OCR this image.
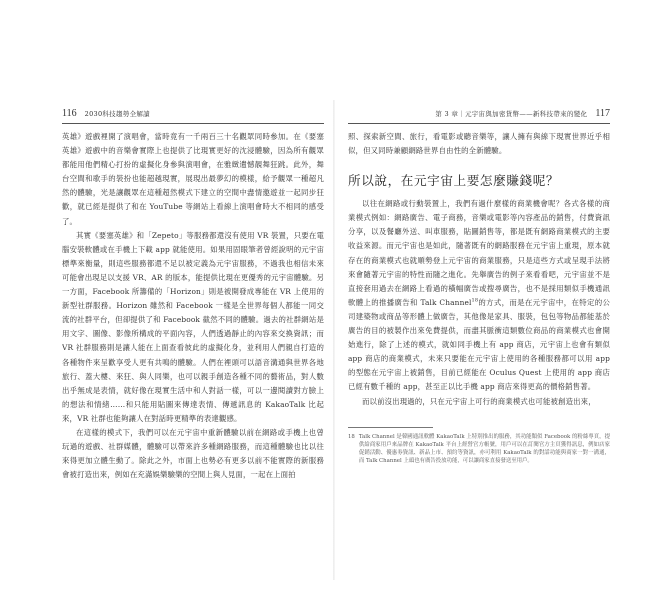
116 2030科技趨勢全解讀

英雄》遊戲裡開了演唱會，當時竟有一千兩百三十名觀眾同時參加。在《要塞英雄》遊戲中的音樂會實際上也提供了比現實更好的沈浸體驗，因為所有觀眾都能用他們精心打扮的虛擬化身參與演唱會，在雅緻遺憾靚舞狂跳。此外，舞台空間和歌手的裝扮也能超越現實，展現出最夢幻的模樣，給予觀眾一種超凡然的體驗，光是讓觀眾在這種超然模式下建立的空間中盡情邀遊並一起同步狂歡，就已經是提供了和在 YouTube 等網站上看線上演唱會時大不相同的感受了。

其實《要塞英雄》和「Zepeto」等服務都還沒有使用 VR 裝置，只要在電腦安裝軟體或在手機上下載 app 就能使用。如果用固眼筆者曾經說明的元宇宙標準來衡量，則這些服務都還不足以被定義為元宇宙服務，不過我也相信未來可能會出現足以支援 VR、AR 的版本，能提供比現在更優秀的元宇宙體驗。另一方面，Facebook 所籌備的「Horizon」則是被開發成專能在 VR 上使用的新型社群服務。Horizon 雖然和 Facebook 一樣是全世界每個人都能一同交流的社群平台，但卻提供了和 Facebook 截然不同的體驗。過去的社群網站是用文字、圖像、影像所構成的平面內容，人們透過靜止的內容來交換資訊；而 VR 社群服務則是讓人能在上面查看彼此的虛擬化身，並利用人們親自打造的各種物件來呈歡享受人更有共鳴的體驗。人們在裡頭可以語音溝通與世界各地旅行、蓋大樓、來狂、與人同樂，也可以親手創造各種不同的藝術品，對人數出乎無成是表情，就好像在現實生活中和人對話一樣，可以一邊閱讀對方臉上的想法和情緒……和只能用貼圖來傳達表情、傳遞訊息的 KakaoTalk 比起來，VR 社群也能夠讓人在對話時更精準的表達觀感。

在這樣的模式下，我們可以在元宇宙中重新體驗以前在網路或手機上也曾玩過的遊戲、社群媒體，體驗可以帶來許多種網路服務，而這種體驗也比以往來得更加立體生動了。除此之外，市面上也勢必有更多以前不能實際的新服務會被打造出來，例如在充滿娛樂驗樂的空間上與人見面，一起在上面拍

第 3 章｜元宇宙與加密貨幣——新科技帶來的變化 117

照、探索新空間、旅行，看電影或聽音樂等，讓人擁有與線下現實世界近乎相似，但又同時兼顧網路世界自由性的全新體驗。

所以說，在元宇宙上要怎麼賺錢呢？

以往在網路或行動裝置上，我們有過什麼樣的商業機會呢？各式各樣的商業模式例如：網路廣告、電子商務，音樂或電影等內容產品的銷售，付費資訊分享，以及餐廳外送、叫車服務，貼圖銷售等，都是既有網路商業模式的主要收益來源。而元宇宙也是如此，隨著既有的網路服務在元宇宙上重現，原本就存在的商業模式也就順勢登上元宇宙的商業服務，只是這些方式或呈現手法將來會隨著元宇宙的特性而隨之進化。先舉廣告的例子來看看吧，元宇宙並不是直接套用過去在網路上看過的橫幅廣告或搜尋廣告，也不是採用類似手機通訊軟體上的推播廣告和 Talk Channel$^{18}$的方式，而是在元宇宙中，在特定的公司建築物或商品等形體上做廣告，其他像是家具、服裝，包包等物品都能基於廣告的目的被製作出來免費提供，而盡其脈衝這類數位商品的商業模式也會開始進行，除了上述的模式，就如同手機上有 app 商店，元宇宙上也會有類似 app 商店的商業模式，未來只要能在元宇宙上使用的各種服務都可以用 app 的型態在元宇宙上被銷售，目前已經能在 Oculus Quest 上使用的 app 商店已經有數千種的 app，甚至正以比手機 app 商店來得更高的價格銷售著。

而以前沒出現過的，只在元宇宙上可行的商業模式也可能被創造出來，

18 Talk Channel 是韓國通訊軟體 KakaoTalk 上特別推出的服務，其功能類似 Facebook 的粉絲專頁，提供給商家用戶來品牌在 KakaoTalk 平台上經營官方帳號，用戶可以在訂閱官方主頁獲得訊息，例如店家促銷活動、優惠劵資訊、新品上市、預約等資訊，亦可利用 KakaoTalk 的對話功能與商家一對一溝通，而 Talk Channel 上頭也有廣告投放功能，可以讓商家直接發送至用戶。
